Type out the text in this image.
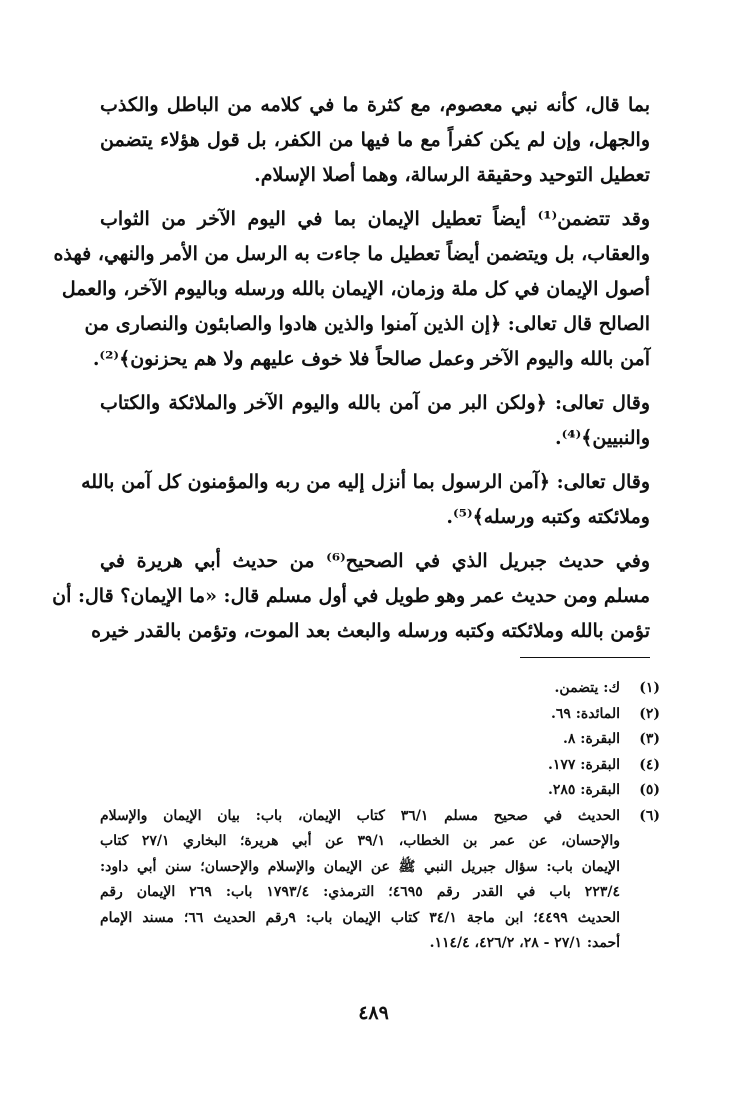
بما قال، كأنه نبي معصوم، مع كثرة ما في كلامه من الباطل والكذب
والجهل، وإن لم يكن كفراً مع ما فيها من الكفر، بل قول هؤلاء يتضمن
تعطيل التوحيد وحقيقة الرسالة، وهما أصلا الإسلام.

وقد تتضمن⁽¹⁾ أيضاً تعطيل الإيمان بما في اليوم الآخر من الثواب
والعقاب، بل ويتضمن أيضاً تعطيل ما جاءت به الرسل من الأمر والنهي، فهذه
أصول الإيمان في كل ملة وزمان، الإيمان بالله ورسله وباليوم الآخر، والعمل
الصالح قال تعالى: ﴿إن الذين آمنوا والذين هادوا والصابئون والنصارى من
آمن بالله واليوم الآخر وعمل صالحاً فلا خوف عليهم ولا هم يحزنون﴾⁽²⁾.

وقال تعالى: ﴿ولكن البر من آمن بالله واليوم الآخر والملائكة والكتاب
والنبيين﴾⁽⁴⁾.

وقال تعالى: ﴿آمن الرسول بما أنزل إليه من ربه والمؤمنون كل آمن بالله
وملائكته وكتبه ورسله﴾⁽⁵⁾.

وفي حديث جبريل الذي في الصحيح⁽⁶⁾ من حديث أبي هريرة في
مسلم ومن حديث عمر وهو طويل في أول مسلم قال: «ما الإيمان؟ قال: أن
تؤمن بالله وملائكته وكتبه ورسله والبعث بعد الموت، وتؤمن بالقدر خيره

(١)
ك: يتضمن.
(٢)
المائدة: ٦٩.
(٣)
البقرة: ٨.
(٤)
البقرة: ١٧٧.
(٥)
البقرة: ٢٨٥.
(٦)
الحديث في صحيح مسلم ٣٦/١ كتاب الإيمان، باب: بيان الإيمان والإسلام
والإحسان، عن عمر بن الخطاب، ٣٩/١ عن أبي هريرة؛ البخاري ٢٧/١ كتاب
الإيمان باب: سؤال جبريل النبي ﷺ عن الإيمان والإسلام والإحسان؛ سنن أبي داود:
٢٢٣/٤ باب في القدر رقم ٤٦٩٥؛ الترمذي: ١٧٩٣/٤ باب: ٢٦٩ الإيمان رقم
الحديث ٤٤٩٩؛ ابن ماجة ٣٤/١ كتاب الإيمان باب: ٩رقم الحديث ٦٦؛ مسند الإمام
أحمد: ٢٧/١ - ٢٨، ٤٢٦/٢، ١١٤/٤.
٤٨٩
